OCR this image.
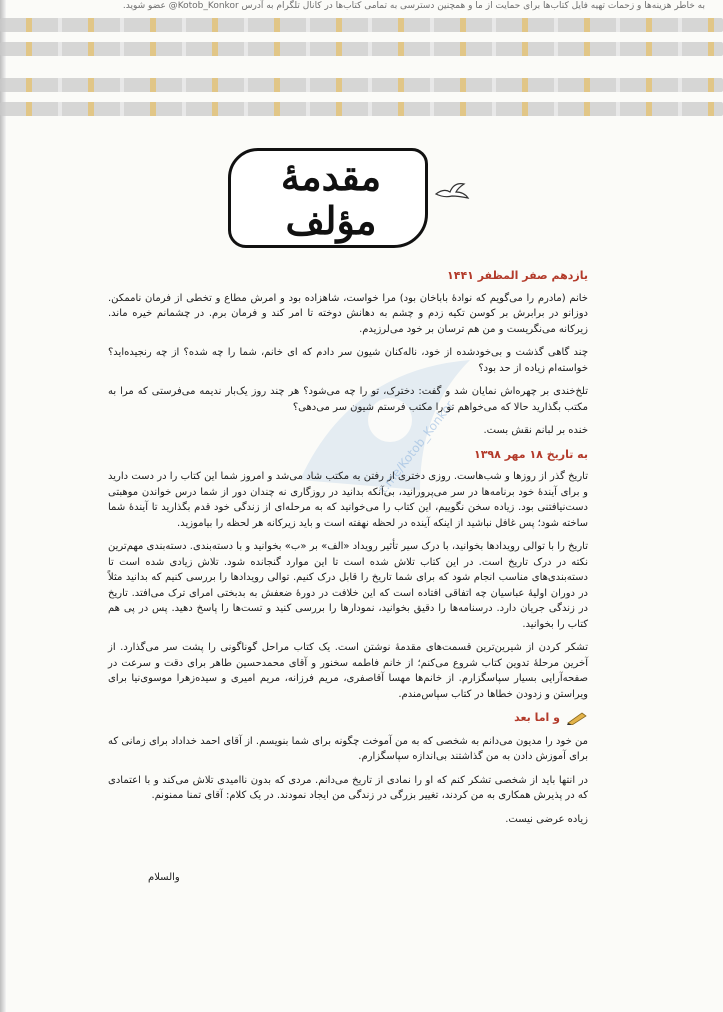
به خاطر هزینه‌ها و زحمات تهیه فایل کتاب‌ها برای حمایت از ما و همچنین دسترسی به تمامی کتاب‌ها در کانال تلگرام به آدرس Kotob_Konkor@ عضو شوید.
مقدمهٔ
مؤلف
t.me/Kotob_Konkor
یازدهم صفر المظفر ۱۴۴۱

خانم (مادرم را می‌گویم که نوادهٔ باباخان بود) مرا خواست، شاهزاده بود و امرش مطاع و تخطی از فرمان ناممکن. دوزانو در برابرش بر کوسن تکیه زدم و چشم به دهانش دوخته تا امر کند و فرمان برم. در چشمانم خیره ماند. زیرکانه می‌نگریست و من هم ترسان بر خود می‌لرزیدم.

چند گاهی گذشت و بی‌خودشده از خود، ناله‌کنان شیون سر دادم که ای خانم، شما را چه شده؟ از چه رنجیده‌اید؟ خواسته‌ام زیاده از حد بود؟

تلخ‌خندی بر چهره‌اش نمایان شد و گفت: دخترک، تو را چه می‌شود؟ هر چند روز یک‌بار ندیمه می‌فرستی که مرا به مکتب بگذارید حالا که می‌خواهم تو را مکتب فرستم شیون سر می‌دهی؟

خنده بر لبانم نقش بست.

به تاریخ ۱۸ مهر ۱۳۹۸

تاریخ گذر از روزها و شب‌هاست. روزی دختری از رفتن به مکتب شاد می‌شد و امروز شما این کتاب را در دست دارید و برای آیندهٔ خود برنامه‌ها در سر می‌پرورانید، بی‌آنکه بدانید در روزگاری نه چندان دور از شما درس خواندن موهبتی دست‌نیافتنی بود. زیاده سخن نگوییم، این کتاب را می‌خوانید که به مرحله‌ای از زندگی خود قدم بگذارید تا آیندهٔ شما ساخته شود؛ پس غافل نباشید از اینکه آینده در لحظه نهفته است و باید زیرکانه هر لحظه را بیاموزید.

تاریخ را با توالی رویدادها بخوانید، با درک سیر تأثیر رویداد «الف» بر «ب» بخوانید و با دسته‌بندی. دسته‌بندی مهم‌ترین نکته در درک تاریخ است. در این کتاب تلاش شده است تا این موارد گنجانده شود. تلاش زیادی شده است تا دسته‌بندی‌های مناسب انجام شود که برای شما تاریخ را قابل درک کنیم. توالی رویدادها را بررسی کنیم که بدانید مثلاً در دوران اولیهٔ عباسیان چه اتفاقی افتاده است که این خلافت در دورهٔ ضعفش به بدبختی امرای ترک می‌افتد. تاریخ در زندگی جریان دارد. درسنامه‌ها را دقیق بخوانید، نمودارها را بررسی کنید و تست‌ها را پاسخ دهید. پس در پی هم کتاب را بخوانید.

تشکر کردن از شیرین‌ترین قسمت‌های مقدمهٔ نوشتن است. یک کتاب مراحل گوناگونی را پشت سر می‌گذارد. از آخرین مرحلهٔ تدوین کتاب شروع می‌کنم؛ از خانم فاطمه سخنور و آقای محمدحسین طاهر برای دقت و سرعت در صفحه‌آرایی بسیار سپاسگزارم. از خانم‌ها مهسا آقاصفری، مریم فرزانه، مریم امیری و سیده‌زهرا موسوی‌نیا برای ویراستن و زدودن خطاها در کتاب سپاس‌مندم.

و اما بعد

من خود را مدیون می‌دانم به شخصی که به من آموخت چگونه برای شما بنویسم. از آقای احمد خداداد برای زمانی که برای آموزش دادن به من گذاشتند بی‌اندازه سپاسگزارم.

در انتها باید از شخصی تشکر کنم که او را نمادی از تاریخ می‌دانم. مردی که بدون ناامیدی تلاش می‌کند و با اعتمادی که در پذیرش همکاری به من کردند، تغییر بزرگی در زندگی من ایجاد نمودند. در یک کلام: آقای تمنا ممنونم.

زیاده عرضی نیست.

والسلام
